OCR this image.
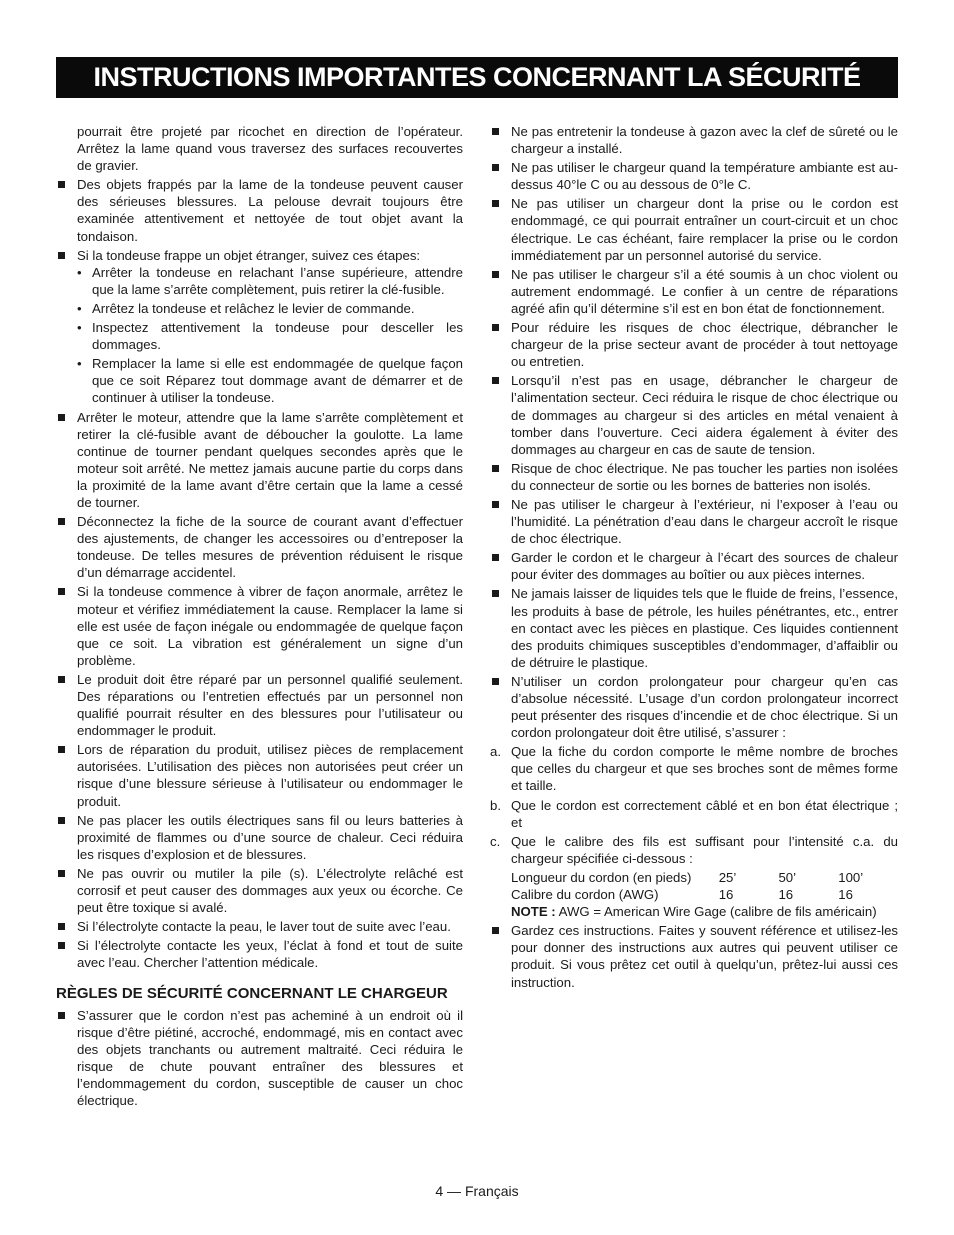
INSTRUCTIONS IMPORTANTES CONCERNANT LA SÉCURITÉ

pourrait être projeté par ricochet en direction de l’opérateur. Arrêtez la lame quand vous traversez des surfaces recouvertes de gravier.

Des objets frappés par la lame de la tondeuse peuvent causer des sérieuses blessures. La pelouse devrait toujours être examinée attentivement et nettoyée de tout objet avant la tondaison.

Si la tondeuse frappe un objet étranger, suivez ces étapes:

• Arrêter la tondeuse en relachant l’anse supérieure, attendre que la lame s’arrête complètement, puis retirer la clé-fusible.
• Arrêtez la tondeuse et relâchez le levier de commande.
• Inspectez attentivement la tondeuse pour desceller les dommages.
• Remplacer la lame si elle est endommagée de quelque façon que ce soit Réparez tout dommage avant de démarrer et de continuer à utiliser la tondeuse.

Arrêter le moteur, attendre que la lame s’arrête complètement et retirer la clé-fusible avant de déboucher la goulotte. La lame continue de tourner pendant quelques secondes après que le moteur soit arrêté. Ne mettez jamais aucune partie du corps dans la proximité de la lame avant d’être certain que la lame a cessé de tourner.

Déconnectez la fiche de la source de courant avant d’effectuer des ajustements, de changer les accessoires ou d’entreposer la tondeuse. De telles mesures de prévention réduisent le risque d’un démarrage accidentel.

Si la tondeuse commence à vibrer de façon anormale, arrêtez le moteur et vérifiez immédiatement la cause. Remplacer la lame si elle est usée de façon inégale ou endommagée de quelque façon que ce soit. La vibration est généralement un signe d’un problème.

Le produit doit être réparé par un personnel qualifié seulement. Des réparations ou l’entretien effectués par un personnel non qualifié pourrait résulter en des blessures pour l’utilisateur ou endommager le produit.

Lors de réparation du produit, utilisez pièces de remplacement autorisées. L’utilisation des pièces non autorisées peut créer un risque d’une blessure sérieuse à l’utilisateur ou endommager le produit.

Ne pas placer les outils électriques sans fil ou leurs batteries à proximité de flammes ou d’une source de chaleur. Ceci réduira les risques d’explosion et de blessures.

Ne pas ouvrir ou mutiler la pile (s). L’électrolyte relâché est corrosif et peut causer des dommages aux yeux ou écorche. Ce peut être toxique si avalé.

Si l’électrolyte contacte la peau, le laver tout de suite avec l’eau.

Si l’électrolyte contacte les yeux, l’éclat à fond et tout de suite avec l’eau. Chercher l’attention médicale.

RÈGLES DE SÉCURITÉ CONCERNANT LE CHARGEUR

S’assurer que le cordon n’est pas acheminé à un endroit où il risque d’être piétiné, accroché, endommagé, mis en contact avec des objets tranchants ou autrement maltraité. Ceci réduira le risque de chute pouvant entraîner des blessures et l’endommagement du cordon, susceptible de causer un choc électrique.

Ne pas entretenir la tondeuse à gazon avec la clef de sûreté ou le chargeur a installé.

Ne pas utiliser le chargeur quand la température ambiante est au-dessus 40°le C ou au dessous de 0°le C.

Ne pas utiliser un chargeur dont la prise ou le cordon est endommagé, ce qui pourrait entraîner un court-circuit et un choc électrique. Le cas échéant, faire remplacer la prise ou le cordon immédiatement par un personnel autorisé du service.

Ne pas utiliser le chargeur s’il a été soumis à un choc violent ou autrement endommagé. Le confier à un centre de réparations agréé afin qu’il détermine s’il est en bon état de fonctionnement.

Pour réduire les risques de choc électrique, débrancher le chargeur de la prise secteur avant de procéder à tout nettoyage ou entretien.

Lorsqu’il n’est pas en usage, débrancher le chargeur de l’alimentation secteur. Ceci réduira le risque de choc électrique ou de dommages au chargeur si des articles en métal venaient à tomber dans l’ouverture. Ceci aidera également à éviter des dommages au chargeur en cas de saute de tension.

Risque de choc électrique. Ne pas toucher les parties non isolées du connecteur de sortie ou les bornes de batteries non isolés.

Ne pas utiliser le chargeur à l’extérieur, ni l’exposer à l’eau ou l’humidité. La pénétration d’eau dans le chargeur accroît le risque de choc électrique.

Garder le cordon et le chargeur à l’écart des sources de chaleur pour éviter des dommages au boîtier ou aux pièces internes.

Ne jamais laisser de liquides tels que le fluide de freins, l’essence, les produits à base de pétrole, les huiles pénétrantes, etc., entrer en contact avec les pièces en plastique. Ces liquides contiennent des produits chimiques susceptibles d’endommager, d’affaiblir ou de détruire le plastique.

N’utiliser un cordon prolongateur pour chargeur qu’en cas d’absolue nécessité. L’usage d’un cordon prolongateur incorrect peut présenter des risques d’incendie et de choc électrique. Si un cordon prolongateur doit être utilisé, s’assurer :

a. Que la fiche du cordon comporte le même nombre de broches que celles du chargeur et que ses broches sont de mêmes forme et taille.
b. Que le cordon est correctement câblé et en bon état électrique ; et
c. Que le calibre des fils est suffisant pour l’intensité c.a. du chargeur spécifiée ci-dessous :
Longueur du cordon (en pieds)	25’	50’	100’
Calibre du cordon (AWG)	16	16	16

NOTE : AWG = American Wire Gage (calibre de fils américain)

Gardez ces instructions. Faites y souvent référence et utilisez-les pour donner des instructions aux autres qui peuvent utiliser ce produit. Si vous prêtez cet outil à quelqu’un, prêtez-lui aussi ces instruction.

4 — Français
